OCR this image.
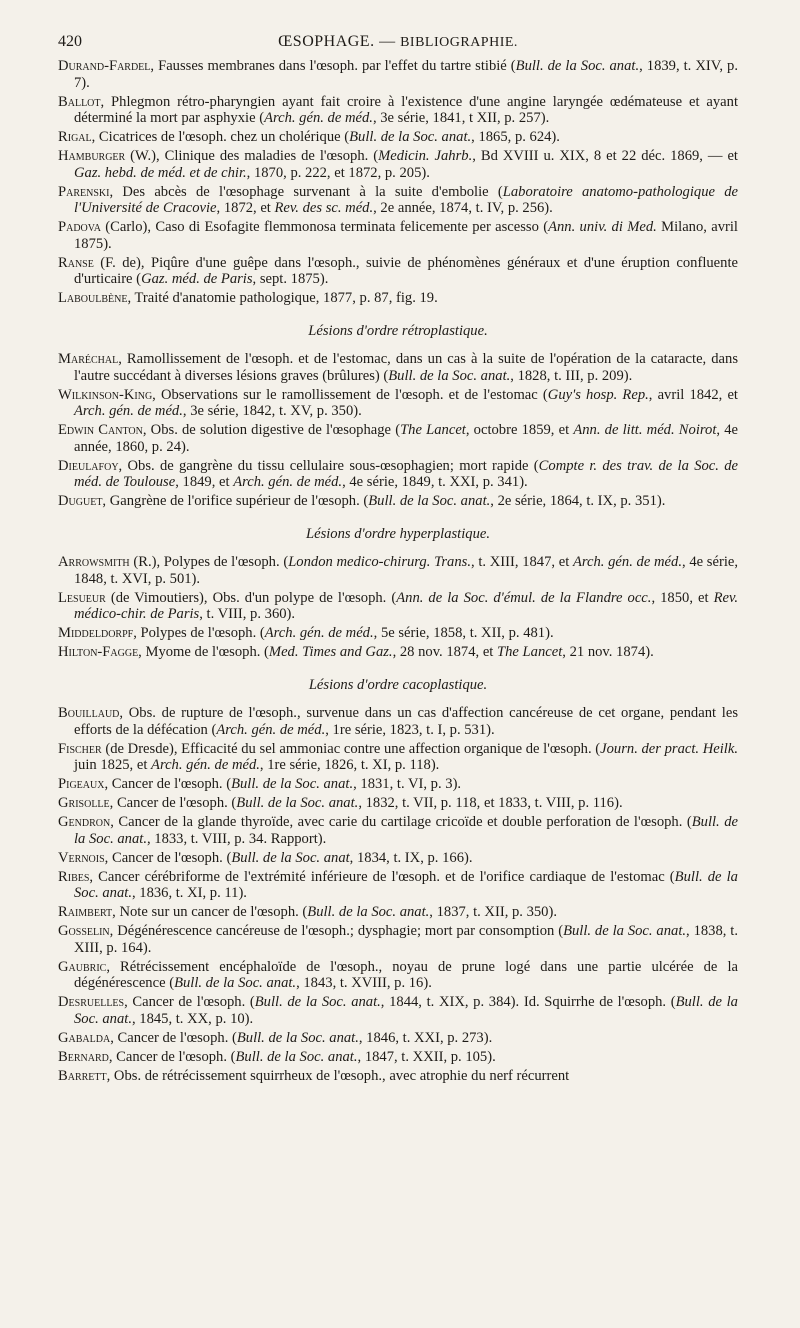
420	ŒSOPHAGE. — BIBLIOGRAPHIE.

Durand-Fardel, Fausses membranes dans l'œsoph. par l'effet du tartre stibié (Bull. de la Soc. anat., 1839, t. XIV, p. 7).

Ballot, Phlegmon rétro-pharyngien ayant fait croire à l'existence d'une angine laryngée œdémateuse et ayant déterminé la mort par asphyxie (Arch. gén. de méd., 3e série, 1841, t XII, p. 257).

Rigal, Cicatrices de l'œsoph. chez un cholérique (Bull. de la Soc. anat., 1865, p. 624).

Hamburger (W.), Clinique des maladies de l'œsoph. (Medicin. Jahrb., Bd XVIII u. XIX, 8 et 22 déc. 1869, — et Gaz. hebd. de méd. et de chir., 1870, p. 222, et 1872, p. 205).

Parenski, Des abcès de l'œsophage survenant à la suite d'embolie (Laboratoire anatomo-pathologique de l'Université de Cracovie, 1872, et Rev. des sc. méd., 2e année, 1874, t. IV, p. 256).

Padova (Carlo), Caso di Esofagite flemmonosa terminata felicemente per ascesso (Ann. univ. di Med. Milano, avril 1875).

Ranse (F. de), Piqûre d'une guêpe dans l'œsoph., suivie de phénomènes généraux et d'une éruption confluente d'urticaire (Gaz. méd. de Paris, sept. 1875).

Laboulbène, Traité d'anatomie pathologique, 1877, p. 87, fig. 19.

Lésions d'ordre rétroplastique.

Maréchal, Ramollissement de l'œsoph. et de l'estomac, dans un cas à la suite de l'opération de la cataracte, dans l'autre succédant à diverses lésions graves (brûlures) (Bull. de la Soc. anat., 1828, t. III, p. 209).

Wilkinson-King, Observations sur le ramollissement de l'œsoph. et de l'estomac (Guy's hosp. Rep., avril 1842, et Arch. gén. de méd., 3e série, 1842, t. XV, p. 350).

Edwin Canton, Obs. de solution digestive de l'œsophage (The Lancet, octobre 1859, et Ann. de litt. méd. Noirot, 4e année, 1860, p. 24).

Dieulafoy, Obs. de gangrène du tissu cellulaire sous-œsophagien; mort rapide (Compte r. des trav. de la Soc. de méd. de Toulouse, 1849, et Arch. gén. de méd., 4e série, 1849, t. XXI, p. 341).

Duguet, Gangrène de l'orifice supérieur de l'œsoph. (Bull. de la Soc. anat., 2e série, 1864, t. IX, p. 351).

Lésions d'ordre hyperplastique.

Arrowsmith (R.), Polypes de l'œsoph. (London medico-chirurg. Trans., t. XIII, 1847, et Arch. gén. de méd., 4e série, 1848, t. XVI, p. 501).

Lesueur (de Vimoutiers), Obs. d'un polype de l'œsoph. (Ann. de la Soc. d'émul. de la Flandre occ., 1850, et Rev. médico-chir. de Paris, t. VIII, p. 360).

Middeldorpf, Polypes de l'œsoph. (Arch. gén. de méd., 5e série, 1858, t. XII, p. 481).

Hilton-Fagge, Myome de l'œsoph. (Med. Times and Gaz., 28 nov. 1874, et The Lancet, 21 nov. 1874).

Lésions d'ordre cacoplastique.

Bouillaud, Obs. de rupture de l'œsoph., survenue dans un cas d'affection cancéreuse de cet organe, pendant les efforts de la défécation (Arch. gén. de méd., 1re série, 1823, t. I, p. 531).

Fischer (de Dresde), Efficacité du sel ammoniac contre une affection organique de l'œsoph. (Journ. der pract. Heilk. juin 1825, et Arch. gén. de méd., 1re série, 1826, t. XI, p. 118).

Pigeaux, Cancer de l'œsoph. (Bull. de la Soc. anat., 1831, t. VI, p. 3).

Grisolle, Cancer de l'œsoph. (Bull. de la Soc. anat., 1832, t. VII, p. 118, et 1833, t. VIII, p. 116).

Gendron, Cancer de la glande thyroïde, avec carie du cartilage cricoïde et double perforation de l'œsoph. (Bull. de la Soc. anat., 1833, t. VIII, p. 34. Rapport).

Vernois, Cancer de l'œsoph. (Bull. de la Soc. anat, 1834, t. IX, p. 166).

Ribes, Cancer cérébriforme de l'extrémité inférieure de l'œsoph. et de l'orifice cardiaque de l'estomac (Bull. de la Soc. anat., 1836, t. XI, p. 11).

Raimbert, Note sur un cancer de l'œsoph. (Bull. de la Soc. anat., 1837, t. XII, p. 350).

Gosselin, Dégénérescence cancéreuse de l'œsoph.; dysphagie; mort par consomption (Bull. de la Soc. anat., 1838, t. XIII, p. 164).

Gaubric, Rétrécissement encéphaloïde de l'œsoph., noyau de prune logé dans une partie ulcérée de la dégénérescence (Bull. de la Soc. anat., 1843, t. XVIII, p. 16).

Desruelles, Cancer de l'œsoph. (Bull. de la Soc. anat., 1844, t. XIX, p. 384). Id. Squirrhe de l'œsoph. (Bull. de la Soc. anat., 1845, t. XX, p. 10).

Gabalda, Cancer de l'œsoph. (Bull. de la Soc. anat., 1846, t. XXI, p. 273).

Bernard, Cancer de l'œsoph. (Bull. de la Soc. anat., 1847, t. XXII, p. 105).

Barrett, Obs. de rétrécissement squirrheux de l'œsoph., avec atrophie du nerf récurrent
